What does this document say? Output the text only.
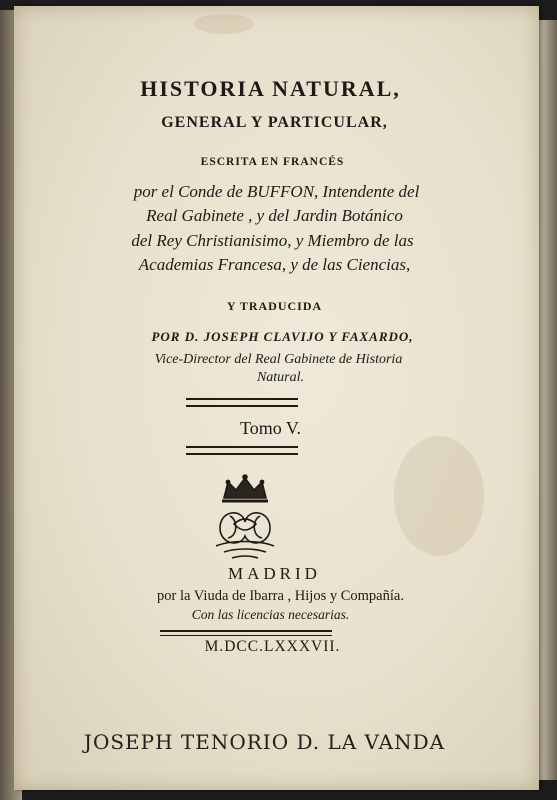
HISTORIA NATURAL,
GENERAL Y PARTICULAR,
ESCRITA EN FRANCÉS
por el Conde de BUFFON, Intendente del
Real Gabinete , y del Jardin Botánico
del Rey Christianisimo, y Miembro de las
Academias Francesa, y de las Ciencias,
Y TRADUCIDA
POR D. JOSEPH CLAVIJO Y FAXARDO,
Vice-Director del Real Gabinete de Historia
Natural.
Tomo V.
MADRID
por la Viuda de Ibarra , Hijos y Compañía.
Con las licencias necesarias.
M.DCC.LXXXVII.
JOSEPH TENORIO D. LA VANDA
